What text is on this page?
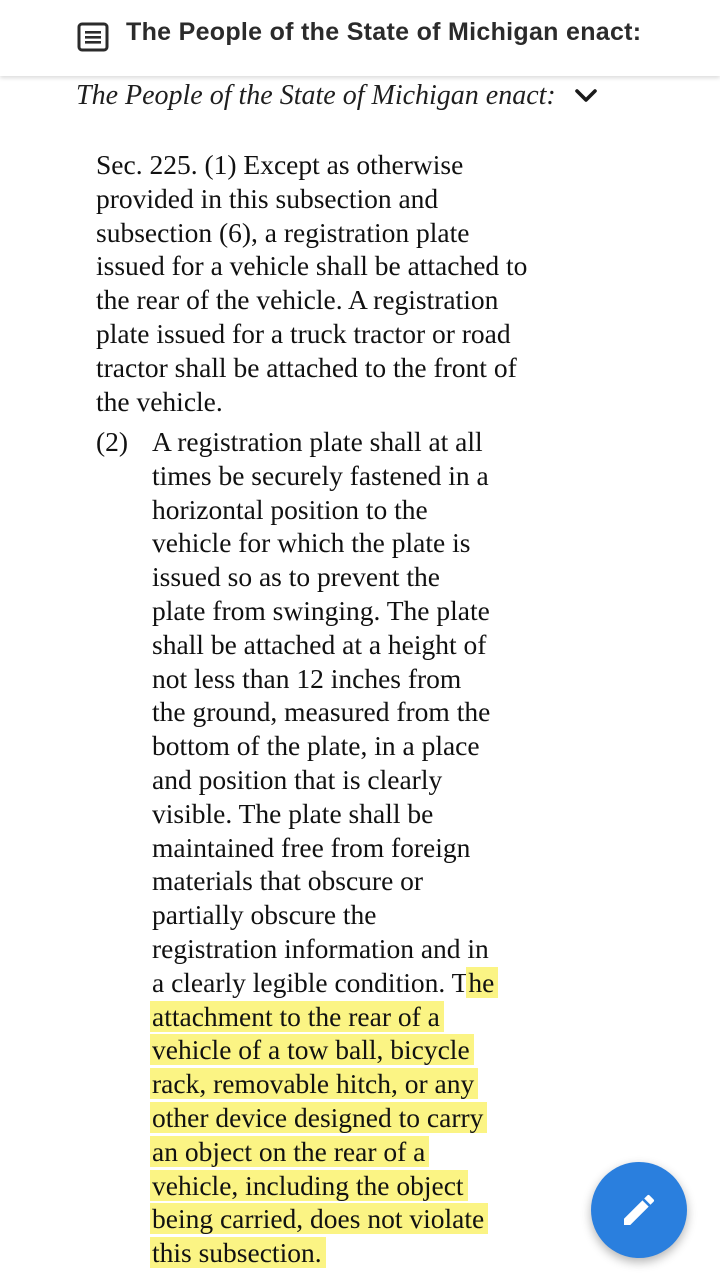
The People of the State of Michigan enact:
The People of the State of Michigan enact:
Sec. 225. (1) Except as otherwise
provided in this subsection and
subsection (6), a registration plate
issued for a vehicle shall be attached to
the rear of the vehicle. A registration
plate issued for a truck tractor or road
tractor shall be attached to the front of
the vehicle.
(2) A registration plate shall at all
times be securely fastened in a
horizontal position to the
vehicle for which the plate is
issued so as to prevent the
plate from swinging. The plate
shall be attached at a height of
not less than 12 inches from
the ground, measured from the
bottom of the plate, in a place
and position that is clearly
visible. The plate shall be
maintained free from foreign
materials that obscure or
partially obscure the
registration information and in
a clearly legible condition. The
attachment to the rear of a
vehicle of a tow ball, bicycle
rack, removable hitch, or any
other device designed to carry
an object on the rear of a
vehicle, including the object
being carried, does not violate
this subsection.
